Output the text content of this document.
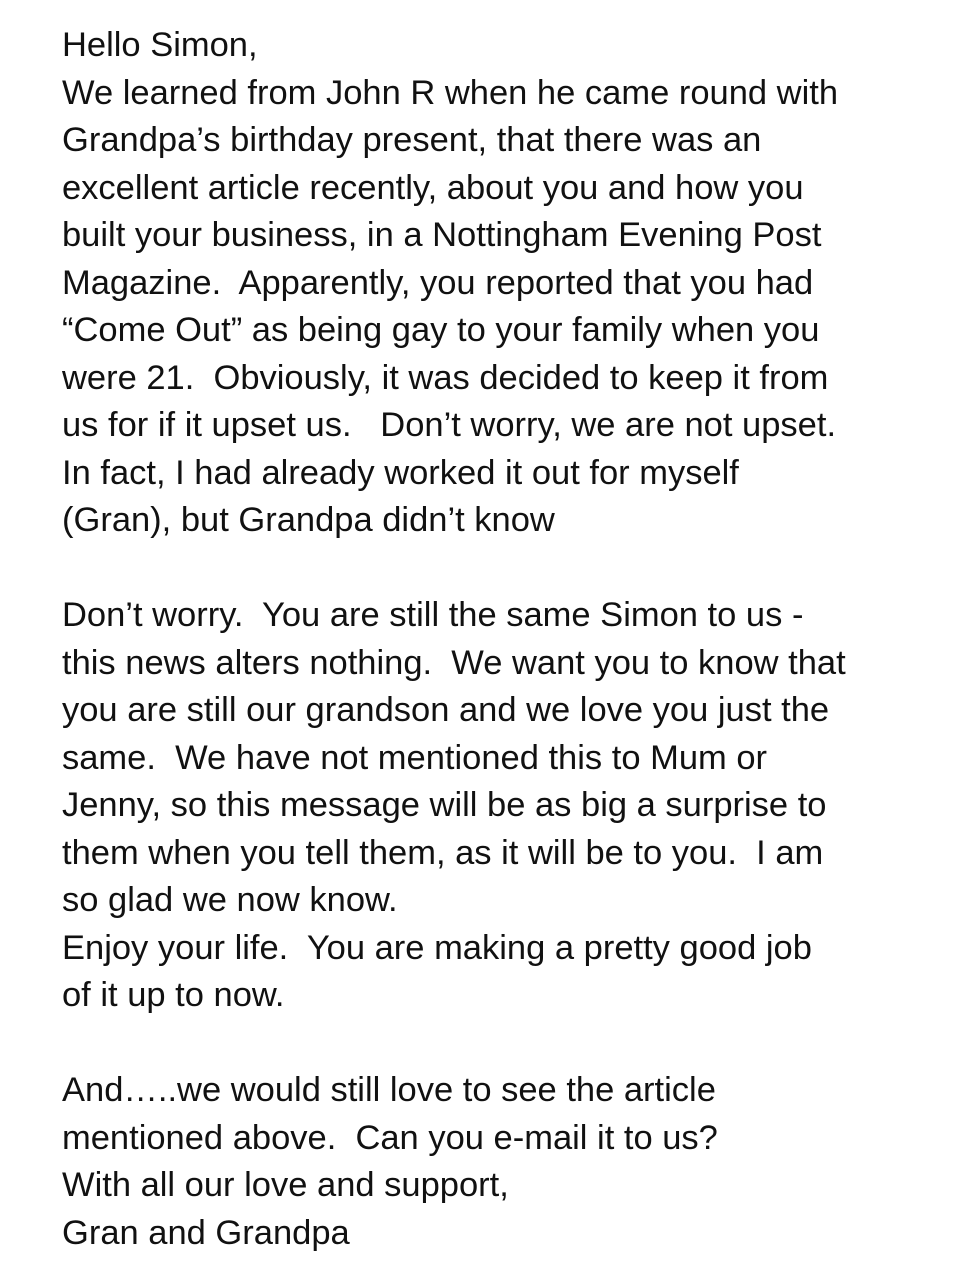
Hello Simon,
We learned from John R when he came round with
Grandpa’s birthday present, that there was an
excellent article recently, about you and how you
built your business, in a Nottingham Evening Post
Magazine.  Apparently, you reported that you had
“Come Out” as being gay to your family when you
were 21.  Obviously, it was decided to keep it from
us for if it upset us.   Don’t worry, we are not upset.
In fact, I had already worked it out for myself
(Gran), but Grandpa didn’t know
Don’t worry.  You are still the same Simon to us -
this news alters nothing.  We want you to know that
you are still our grandson and we love you just the
same.  We have not mentioned this to Mum or
Jenny, so this message will be as big a surprise to
them when you tell them, as it will be to you.  I am
so glad we now know.
Enjoy your life.  You are making a pretty good job
of it up to now.
And…..we would still love to see the article
mentioned above.  Can you e-mail it to us?
With all our love and support,
Gran and Grandpa
